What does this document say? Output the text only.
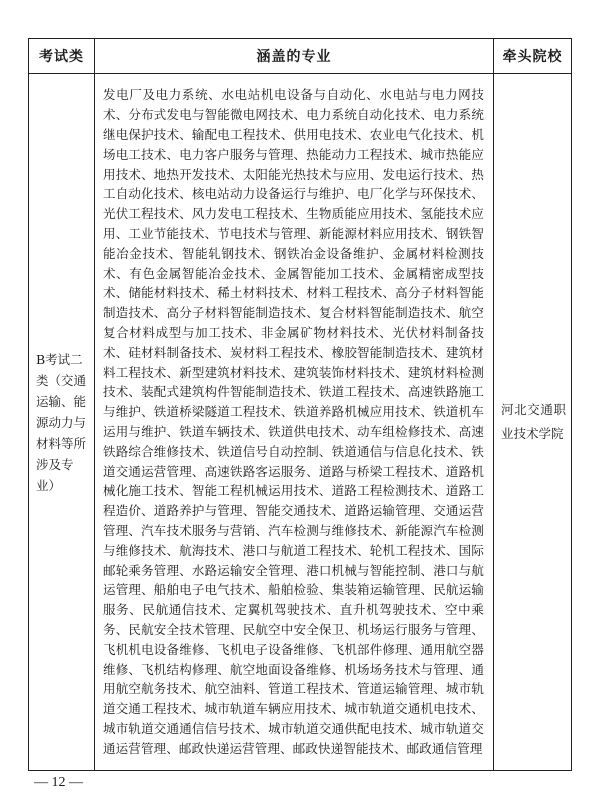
考试类	涵盖的专业	牵头院校

B考试二类（交通运输、能源动力与材料等所涉及专业）	发电厂及电力系统、水电站机电设备与自动化、水电站与电力网技术、分布式发电与智能微电网技术、电力系统自动化技术、电力系统继电保护技术、输配电工程技术、供用电技术、农业电气化技术、机场电工技术、电力客户服务与管理、热能动力工程技术、城市热能应用技术、地热开发技术、太阳能光热技术与应用、发电运行技术、热工自动化技术、核电站动力设备运行与维护、电厂化学与环保技术、光伏工程技术、风力发电工程技术、生物质能应用技术、氢能技术应用、工业节能技术、节电技术与管理、新能源材料应用技术、钢铁智能冶金技术、智能轧钢技术、钢铁冶金设备维护、金属材料检测技术、有色金属智能冶金技术、金属智能加工技术、金属精密成型技术、储能材料技术、稀土材料技术、材料工程技术、高分子材料智能制造技术、高分子材料智能制造技术、复合材料智能制造技术、航空复合材料成型与加工技术、非金属矿物材料技术、光伏材料制备技术、硅材料制备技术、炭材料工程技术、橡胶智能制造技术、建筑材料工程技术、新型建筑材料技术、建筑装饰材料技术、建筑材料检测技术、装配式建筑构件智能制造技术、铁道工程技术、高速铁路施工与维护、铁道桥梁隧道工程技术、铁道养路机械应用技术、铁道机车运用与维护、铁道车辆技术、铁道供电技术、动车组检修技术、高速铁路综合维修技术、铁道信号自动控制、铁道通信与信息化技术、铁道交通运营管理、高速铁路客运服务、道路与桥梁工程技术、道路机械化施工技术、智能工程机械运用技术、道路工程检测技术、道路工程造价、道路养护与管理、智能交通技术、道路运输管理、交通运营管理、汽车技术服务与营销、汽车检测与维修技术、新能源汽车检测与维修技术、航海技术、港口与航道工程技术、轮机工程技术、国际邮轮乘务管理、水路运输安全管理、港口机械与智能控制、港口与航运管理、船舶电子电气技术、船舶检验、集装箱运输管理、民航运输服务、民航通信技术、定翼机驾驶技术、直升机驾驶技术、空中乘务、民航安全技术管理、民航空中安全保卫、机场运行服务与管理、飞机机电设备维修、飞机电子设备维修、飞机部件修理、通用航空器维修、飞机结构修理、航空地面设备维修、机场场务技术与管理、通用航空航务技术、航空油料、管道工程技术、管道运输管理、城市轨道交通工程技术、城市轨道车辆应用技术、城市轨道交通机电技术、城市轨道交通通信信号技术、城市轨道交通供配电技术、城市轨道交通运营管理、邮政快递运营管理、邮政快递智能技术、邮政通信管理	河北交通职业技术学院
— 12 —
